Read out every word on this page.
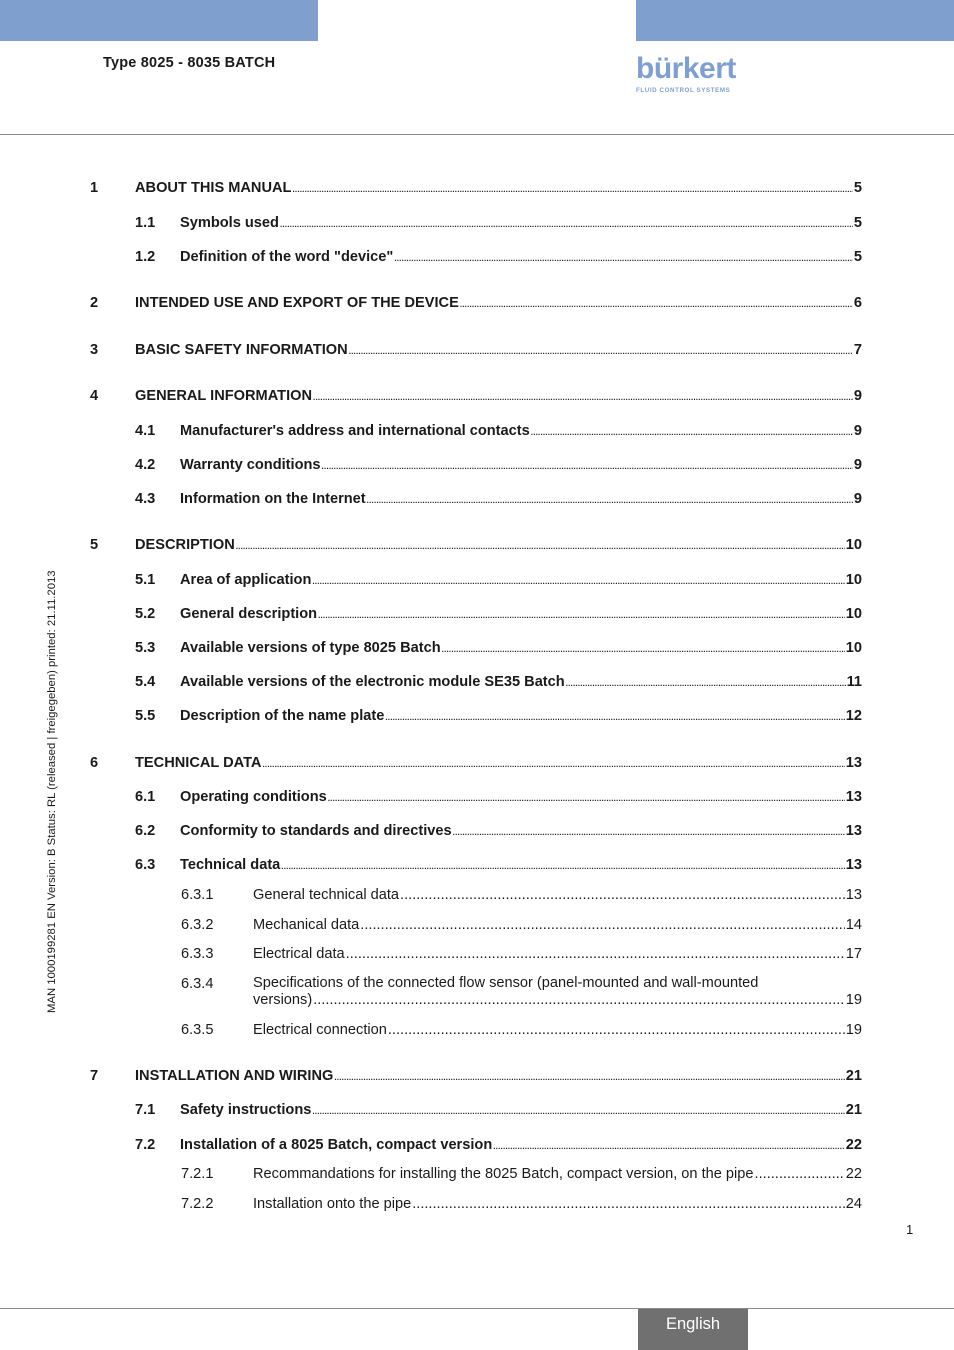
Type 8025 - 8035 BATCH	bürkert
FLUID CONTROL SYSTEMS
MAN 1000199281 EN Version: B Status: RL (released | freigegeben) printed: 21.11.2013
1	ABOUT THIS MANUAL .....	5
1.1 Symbols used .....	5
1.2 Definition of the word "device" .....	5
2	INTENDED USE AND EXPORT OF THE DEVICE .....	6
3	BASIC SAFETY INFORMATION .....	7
4	GENERAL INFORMATION .....	9
4.1 Manufacturer's address and international contacts .....	9
4.2 Warranty conditions .....	9
4.3 Information on the Internet .....	9
5	DESCRIPTION .....	10
5.1 Area of application .....	10
5.2 General description .....	10
5.3 Available versions of type 8025 Batch .....	10
5.4 Available versions of the electronic module SE35 Batch .....	11
5.5 Description of the name plate .....	12
6	TECHNICAL DATA .....	13
6.1 Operating conditions .....	13
6.2 Conformity to standards and directives .....	13
6.3 Technical data .....	13
6.3.1	General technical data .....	13
6.3.2	Mechanical data .....	14
6.3.3	Electrical data .....	17
6.3.4	Specifications of the connected flow sensor (panel-mounted and wall-mounted
versions) .....	19
6.3.5	Electrical connection .....	19
7	INSTALLATION AND WIRING .....	21
7.1 Safety instructions .....	21
7.2 Installation of a 8025 Batch, compact version .....	22
7.2.1	Recommandations for installing the 8025 Batch, compact version, on the pipe .....	22
7.2.2	Installation onto the pipe .....	24
1
English
